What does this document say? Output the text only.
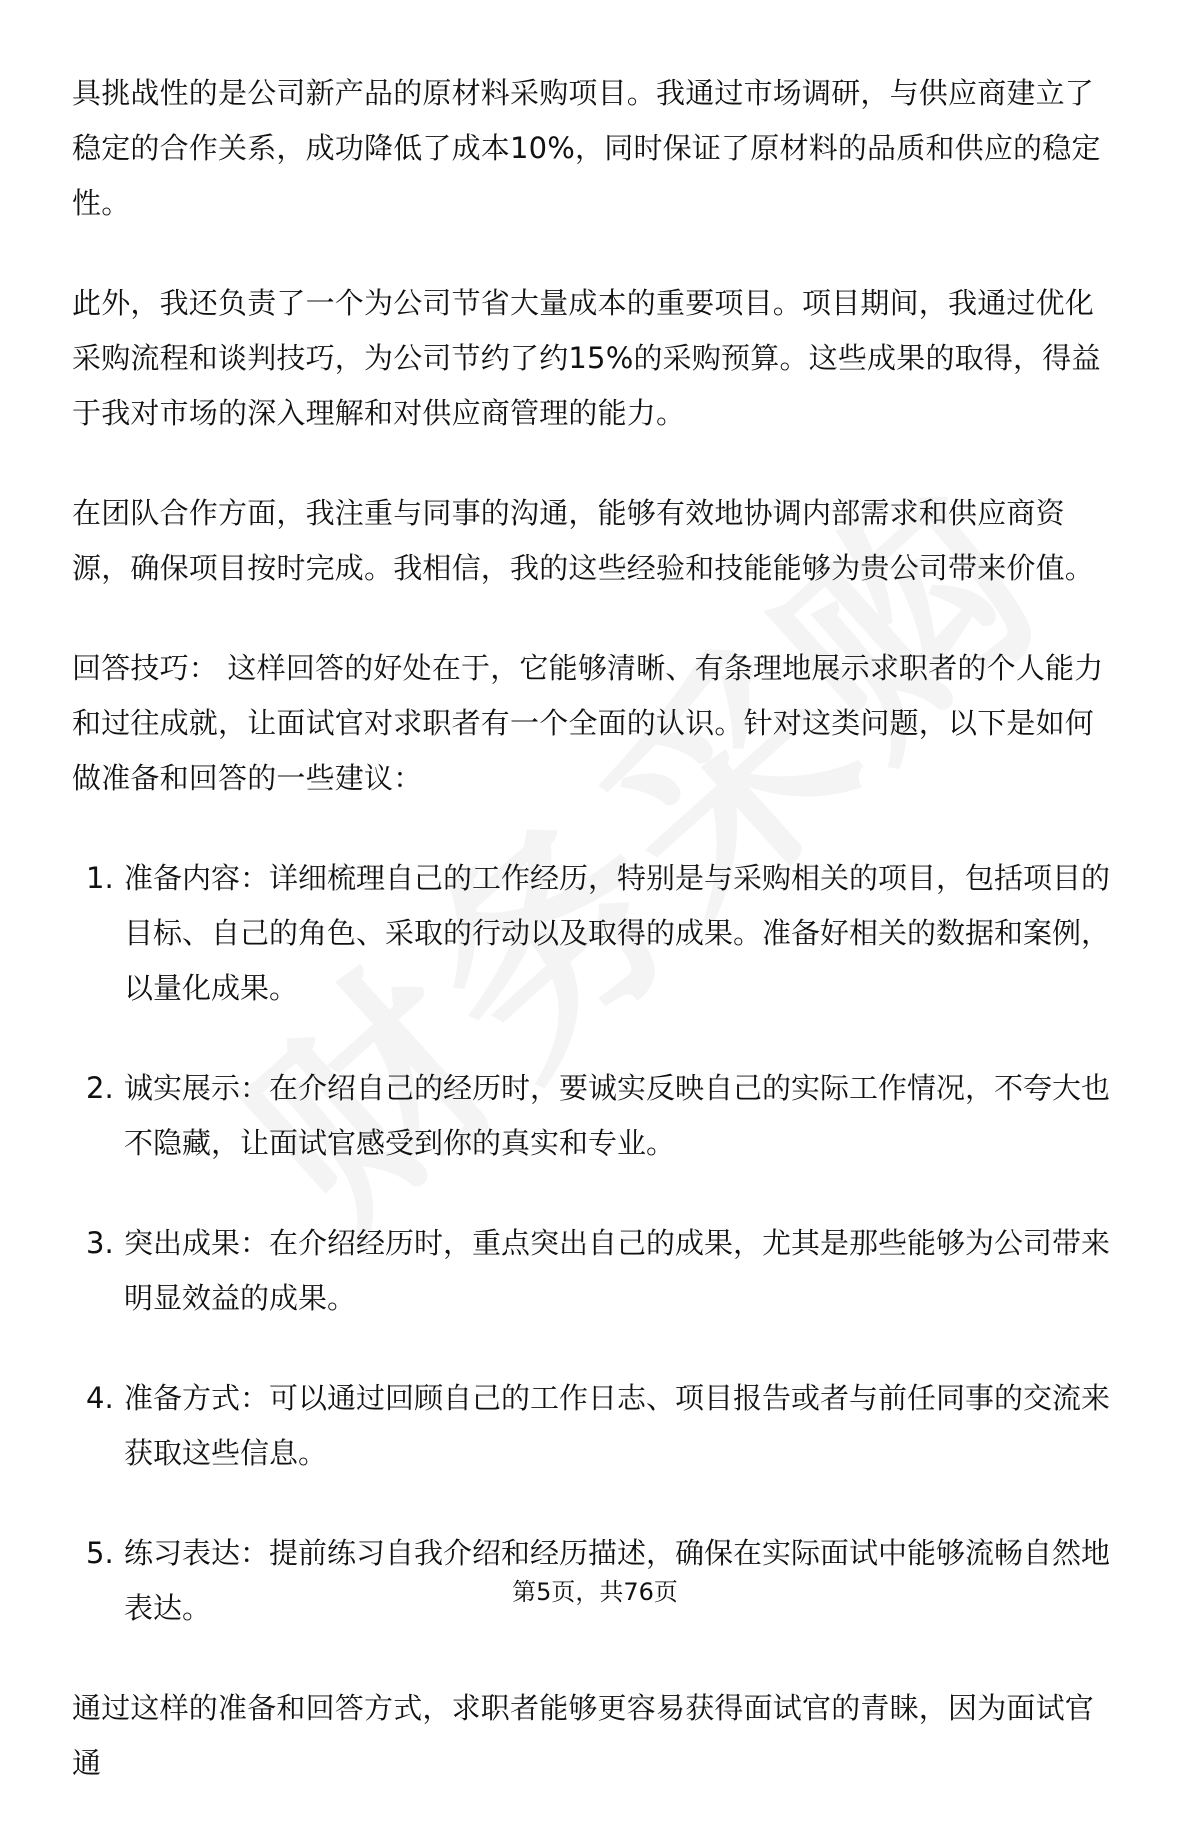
具挑战性的是公司新产品的原材料采购项目。我通过市场调研，与供应商建立了稳定的合作关系，成功降低了成本10%，同时保证了原材料的品质和供应的稳定性。

此外，我还负责了一个为公司节省大量成本的重要项目。项目期间，我通过优化采购流程和谈判技巧，为公司节约了约15%的采购预算。这些成果的取得，得益于我对市场的深入理解和对供应商管理的能力。

在团队合作方面，我注重与同事的沟通，能够有效地协调内部需求和供应商资源，确保项目按时完成。我相信，我的这些经验和技能能够为贵公司带来价值。

回答技巧： 这样回答的好处在于，它能够清晰、有条理地展示求职者的个人能力和过往成就，让面试官对求职者有一个全面的认识。针对这类问题，以下是如何做准备和回答的一些建议：

1. 准备内容：详细梳理自己的工作经历，特别是与采购相关的项目，包括项目的目标、自己的角色、采取的行动以及取得的成果。准备好相关的数据和案例，以量化成果。
2. 诚实展示：在介绍自己的经历时，要诚实反映自己的实际工作情况，不夸大也不隐藏，让面试官感受到你的真实和专业。
3. 突出成果：在介绍经历时，重点突出自己的成果，尤其是那些能够为公司带来明显效益的成果。
4. 准备方式：可以通过回顾自己的工作日志、项目报告或者与前任同事的交流来获取这些信息。
5. 练习表达：提前练习自我介绍和经历描述，确保在实际面试中能够流畅自然地表达。

通过这样的准备和回答方式，求职者能够更容易获得面试官的青睐，因为面试官通

第5页，共76页
